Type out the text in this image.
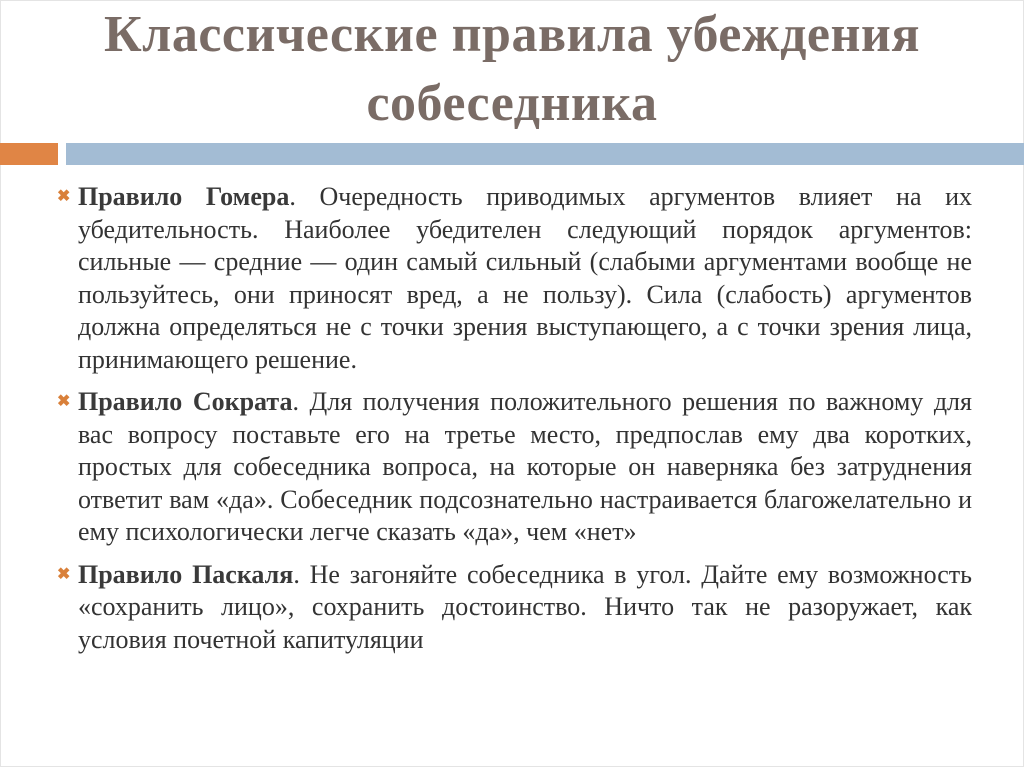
Классические правила убеждения
собеседника

✖ Правило Гомера. Очередность приводимых аргументов влияет на их убедительность. Наиболее убедителен следующий порядок аргументов: сильные — средние — один самый сильный (слабыми аргументами вообще не пользуйтесь, они приносят вред, а не пользу). Сила (слабость) аргументов должна определяться не с точки зрения выступающего, а с точки зрения лица, принимающего решение.

✖ Правило Сократа. Для получения положительного решения по важному для вас вопросу поставьте его на третье место, предпослав ему два коротких, простых для собеседника вопроса, на которые он наверняка без затруднения ответит вам «да». Собеседник подсознательно настраивается благожелательно и ему психологически легче сказать «да», чем «нет»

✖ Правило Паскаля. Не загоняйте собеседника в угол. Дайте ему возможность «сохранить лицо», сохранить достоинство. Ничто так не разоружает, как условия почетной капитуляции
